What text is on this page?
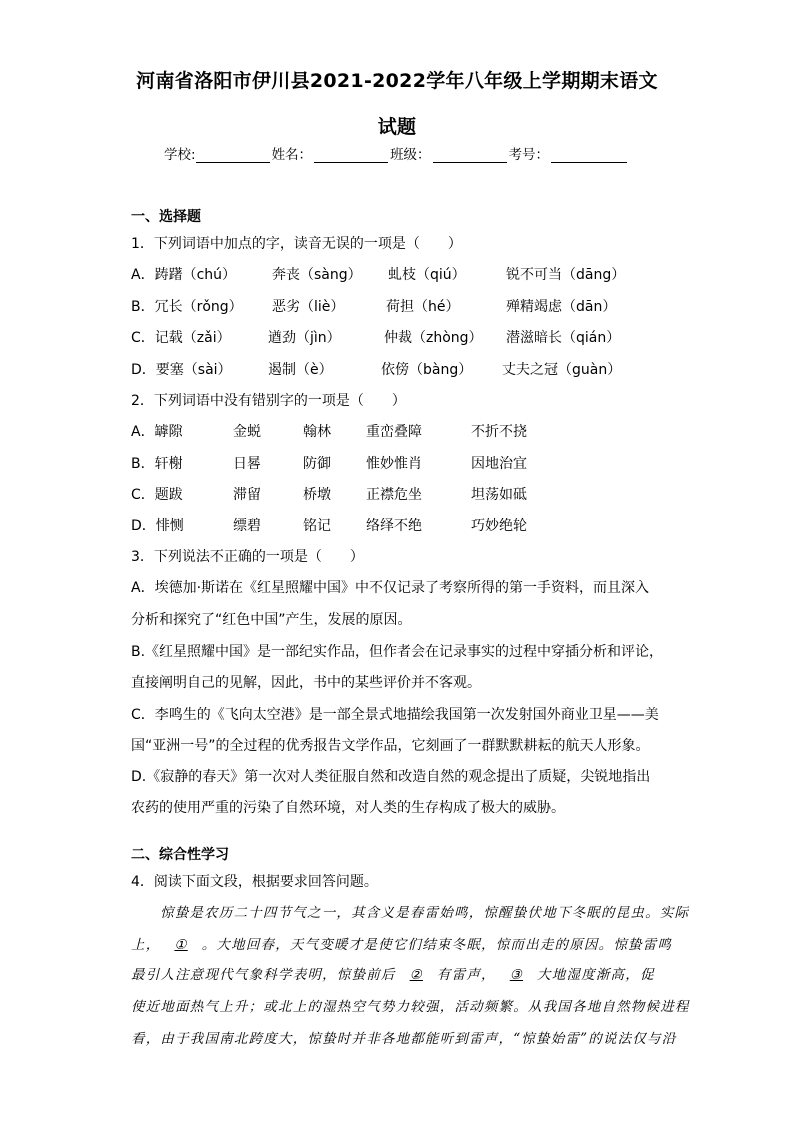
河南省洛阳市伊川县2021-2022学年八年级上学期期末语文
试题
学校:	姓名：	班级：	考号：
一、选择题
1．下列词语中加点的字，读音无误的一项是（　　）
A．踌躇（chú）	奔丧（sàng） 虬枝（qiú）	锐不可当（dāng）
B．冗长（rǒng） 恶劣（liè）	荷担（hé）	殚精竭虑（dān）
C．记载（zǎi）	遒劲（jìn）	仲裁（zhòng） 潜滋暗长（qián）
D．要塞（sài）	遏制（è）	依傍（bàng） 丈夫之冠（guàn）
2．下列词语中没有错别字的一项是（　　）
A．罅隙	金蜕	翰林	重峦叠障	不折不挠
B．轩榭	日晷	防御	惟妙惟肖	因地治宜
C．题跋	滞留	桥墩	正襟危坐	坦荡如砥
D．悱恻	缥碧	铭记	络绎不绝	巧妙绝轮
3．下列说法不正确的一项是（　　）
A．埃德加·斯诺在《红星照耀中国》中不仅记录了考察所得的第一手资料，而且深入
分析和探究了“红色中国”产生，发展的原因。
B.《红星照耀中国》是一部纪实作品，但作者会在记录事实的过程中穿插分析和评论，
直接阐明自己的见解，因此，书中的某些评价并不客观。
C．李鸣生的《飞向太空港》是一部全景式地描绘我国第一次发射国外商业卫星——美
国“亚洲一号”的全过程的优秀报告文学作品，它刻画了一群默默耕耘的航天人形象。
D.《寂静的春天》第一次对人类征服自然和改造自然的观念提出了质疑，尖锐地指出
农药的使用严重的污染了自然环境，对人类的生存构成了极大的威胁。
二、综合性学习
4．阅读下面文段，根据要求回答问题。
惊蛰是农历二十四节气之一，其含义是春雷始鸣，惊醒蛰伏地下冬眠的昆虫。实际
上， ① 。大地回春，天气变暖才是使它们结束冬眠，惊而出走的原因。惊蛰雷鸣
最引人注意现代气象科学表明，惊蛰前后 ② 有雷声， ③ 大地湿度渐高，促
使近地面热气上升；或北上的湿热空气势力较强，活动频繁。从我国各地自然物候进程
看，由于我国南北跨度大，惊蛰时并非各地都能听到雷声，“惊蛰始雷”的说法仅与沿
